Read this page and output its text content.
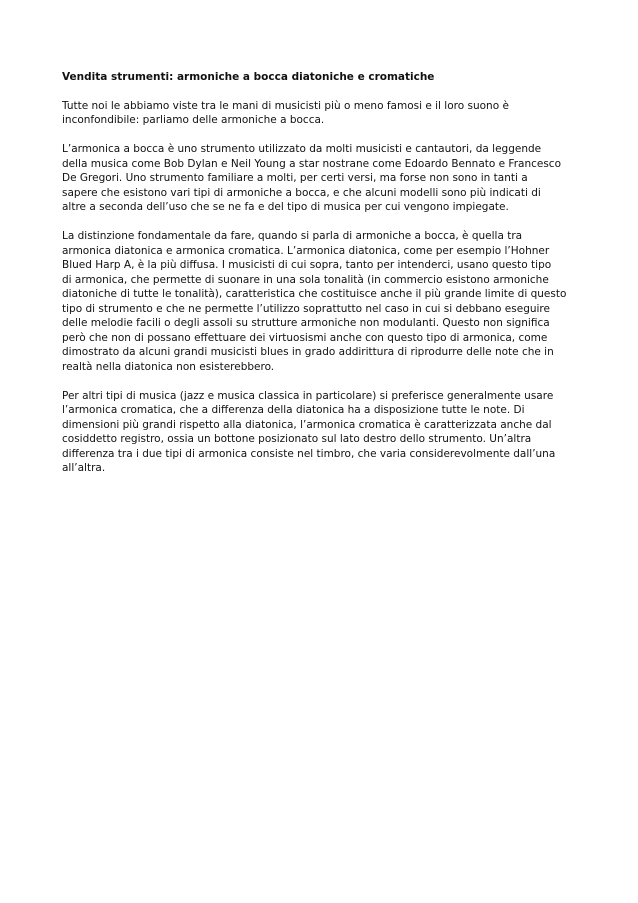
Vendita strumenti: armoniche a bocca diatoniche e cromatiche

Tutte noi le abbiamo viste tra le mani di musicisti più o meno famosi e il loro suono è
inconfondibile: parliamo delle armoniche a bocca.

L’armonica a bocca è uno strumento utilizzato da molti musicisti e cantautori, da leggende
della musica come Bob Dylan e Neil Young a star nostrane come Edoardo Bennato e Francesco
De Gregori. Uno strumento familiare a molti, per certi versi, ma forse non sono in tanti a
sapere che esistono vari tipi di armoniche a bocca, e che alcuni modelli sono più indicati di
altre a seconda dell’uso che se ne fa e del tipo di musica per cui vengono impiegate.

La distinzione fondamentale da fare, quando si parla di armoniche a bocca, è quella tra
armonica diatonica e armonica cromatica. L’armonica diatonica, come per esempio l’Hohner
Blued Harp A, è la più diffusa. I musicisti di cui sopra, tanto per intenderci, usano questo tipo
di armonica, che permette di suonare in una sola tonalità (in commercio esistono armoniche
diatoniche di tutte le tonalità), caratteristica che costituisce anche il più grande limite di questo
tipo di strumento e che ne permette l’utilizzo soprattutto nel caso in cui si debbano eseguire
delle melodie facili o degli assoli su strutture armoniche non modulanti. Questo non significa
però che non di possano effettuare dei virtuosismi anche con questo tipo di armonica, come
dimostrato da alcuni grandi musicisti blues in grado addirittura di riprodurre delle note che in
realtà nella diatonica non esisterebbero.

Per altri tipi di musica (jazz e musica classica in particolare) si preferisce generalmente usare
l’armonica cromatica, che a differenza della diatonica ha a disposizione tutte le note. Di
dimensioni più grandi rispetto alla diatonica, l’armonica cromatica è caratterizzata anche dal
cosiddetto registro, ossia un bottone posizionato sul lato destro dello strumento. Un’altra
differenza tra i due tipi di armonica consiste nel timbro, che varia considerevolmente dall’una
all’altra.
